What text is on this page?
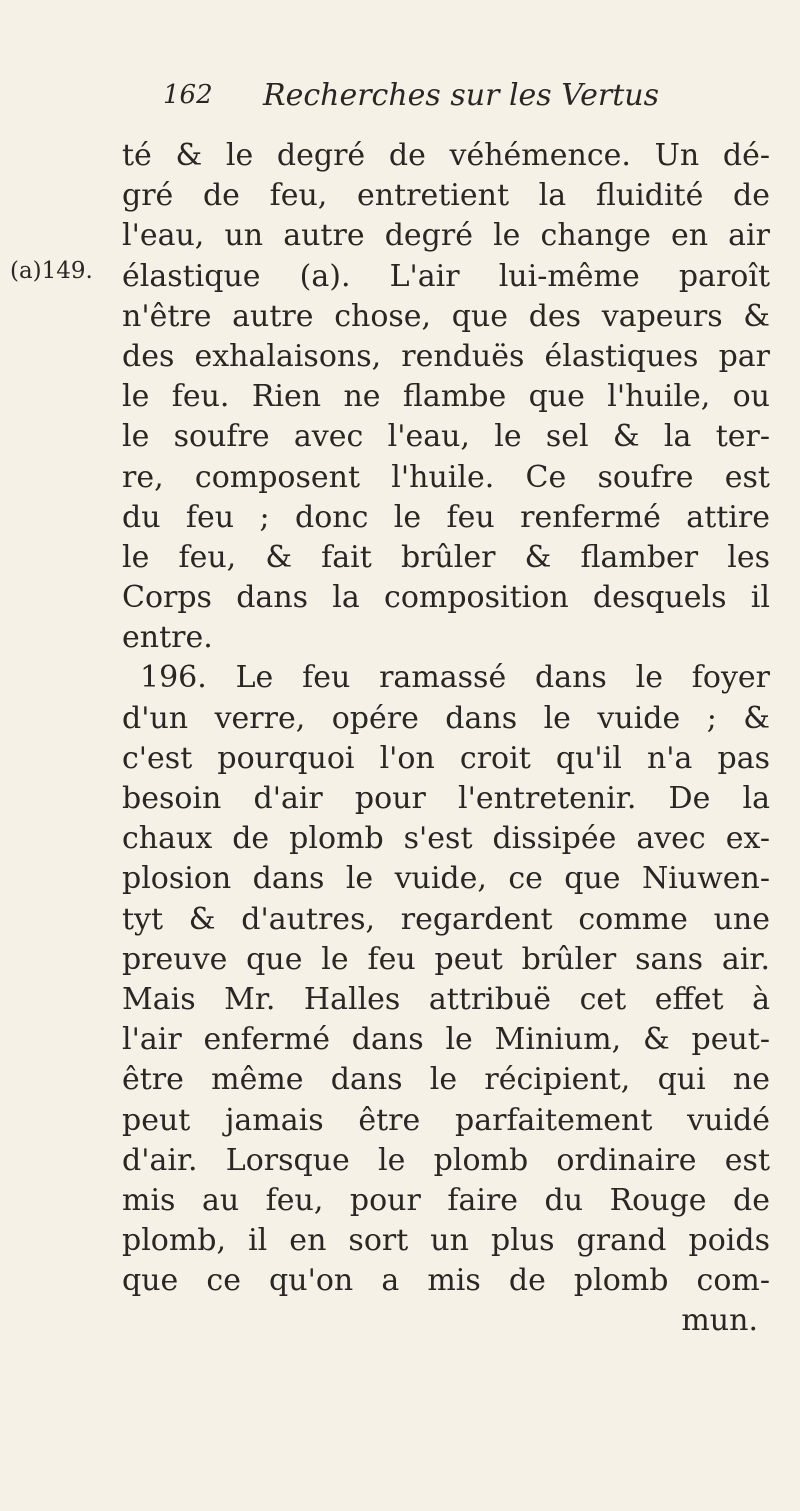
162 Recherches sur les Vertus
(a)149.
té & le degré de véhémence. Un dé-
gré de feu, entretient la fluidité de
l'eau, un autre degré le change en air
élastique (a). L'air lui-même paroît
n'être autre chose, que des vapeurs &
des exhalaisons, renduës élastiques par
le feu. Rien ne flambe que l'huile, ou
le soufre avec l'eau, le sel & la ter-
re, composent l'huile. Ce soufre est
du feu ; donc le feu renfermé attire
le feu, & fait brûler & flamber les
Corps dans la composition desquels il
entre.
196. Le feu ramassé dans le foyer
d'un verre, opére dans le vuide ; &
c'est pourquoi l'on croit qu'il n'a pas
besoin d'air pour l'entretenir. De la
chaux de plomb s'est dissipée avec ex-
plosion dans le vuide, ce que Niuwen-
tyt & d'autres, regardent comme une
preuve que le feu peut brûler sans air.
Mais Mr. Halles attribuë cet effet à
l'air enfermé dans le Minium, & peut-
être même dans le récipient, qui ne
peut jamais être parfaitement vuidé
d'air. Lorsque le plomb ordinaire est
mis au feu, pour faire du Rouge de
plomb, il en sort un plus grand poids
que ce qu'on a mis de plomb com-
mun.
